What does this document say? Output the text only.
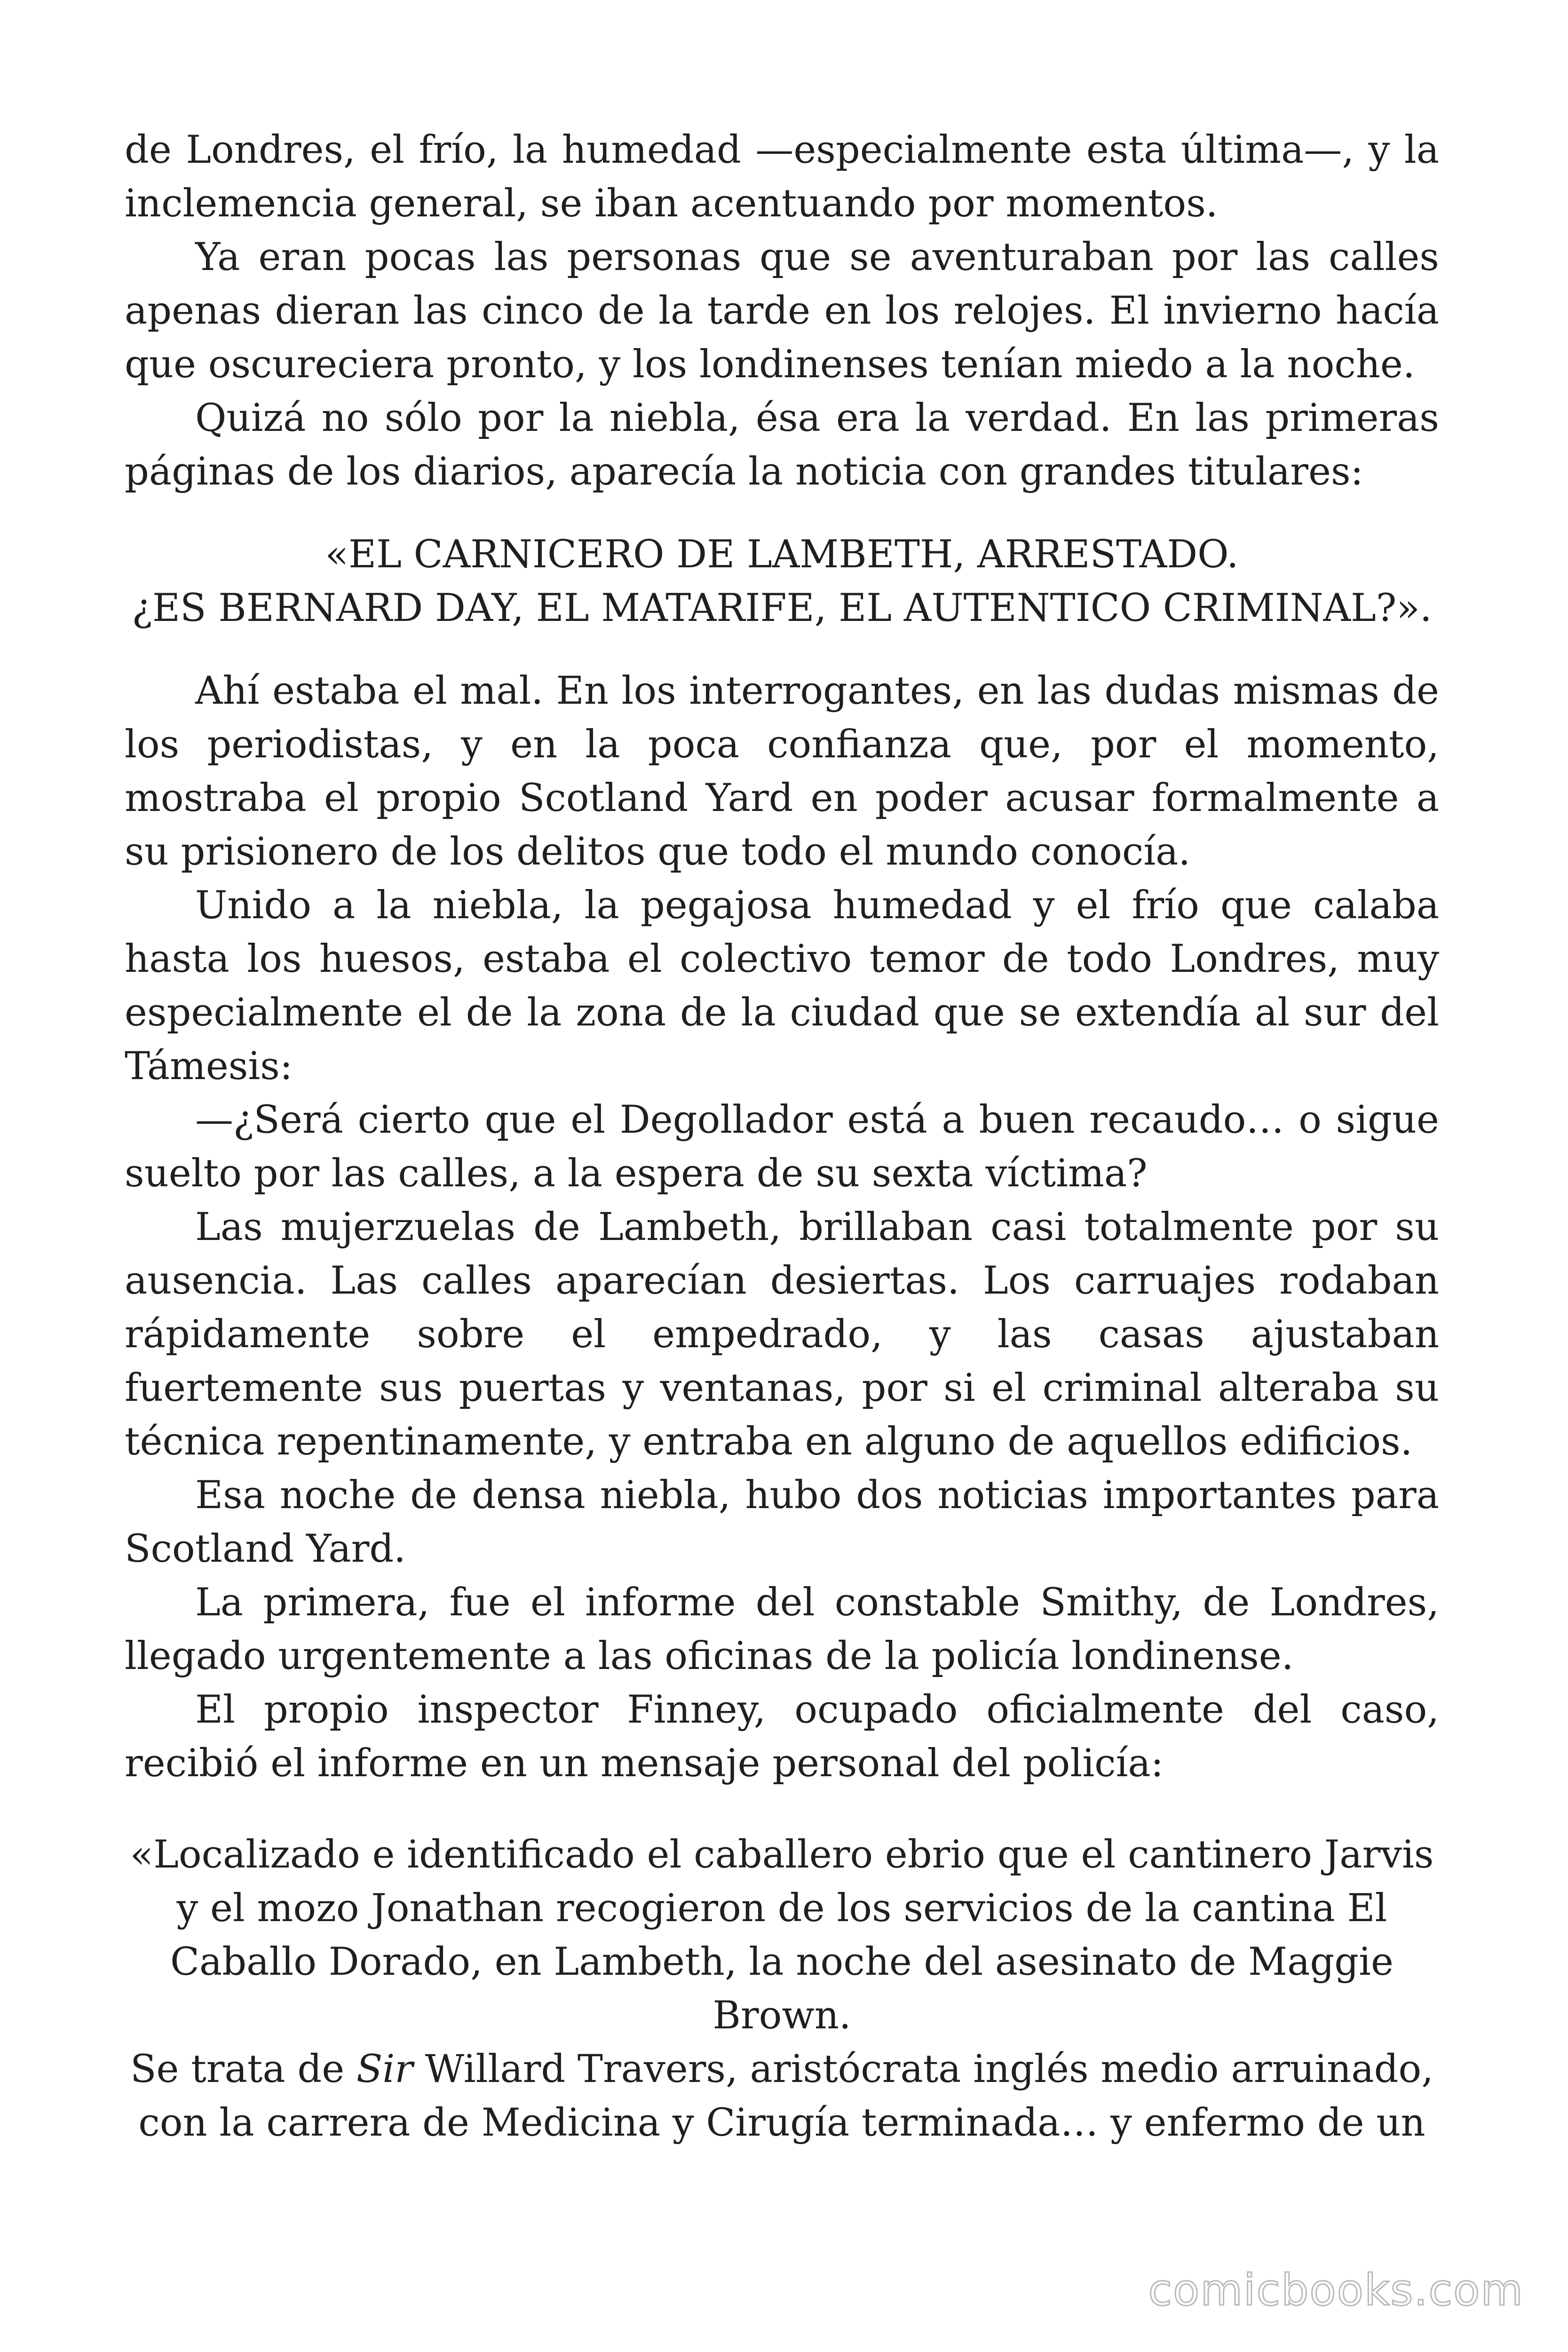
de Londres, el frío, la humedad —especialmente esta última—, y la inclemencia general, se iban acentuando por momentos.

Ya eran pocas las personas que se aventuraban por las calles apenas dieran las cinco de la tarde en los relojes. El invierno hacía que oscureciera pronto, y los londinenses tenían miedo a la noche.

Quizá no sólo por la niebla, ésa era la verdad. En las primeras páginas de los diarios, aparecía la noticia con grandes titulares:

«EL CARNICERO DE LAMBETH, ARRESTADO.

¿ES BERNARD DAY, EL MATARIFE, EL AUTENTICO CRIMINAL?».

Ahí estaba el mal. En los interrogantes, en las dudas mismas de los periodistas, y en la poca confianza que, por el momento, mostraba el propio Scotland Yard en poder acusar formalmente a su prisionero de los delitos que todo el mundo conocía.

Unido a la niebla, la pegajosa humedad y el frío que calaba hasta los huesos, estaba el colectivo temor de todo Londres, muy especialmente el de la zona de la ciudad que se extendía al sur del Támesis:

—¿Será cierto que el Degollador está a buen recaudo… o sigue suelto por las calles, a la espera de su sexta víctima?

Las mujerzuelas de Lambeth, brillaban casi totalmente por su ausencia. Las calles aparecían desiertas. Los carruajes rodaban rápidamente sobre el empedrado, y las casas ajustaban fuertemente sus puertas y ventanas, por si el criminal alteraba su técnica repentinamente, y entraba en alguno de aquellos edificios.

Esa noche de densa niebla, hubo dos noticias importantes para Scotland Yard.

La primera, fue el informe del constable Smithy, de Londres, llegado urgentemente a las oficinas de la policía londinense.

El propio inspector Finney, ocupado oficialmente del caso, recibió el informe en un mensaje personal del policía:

«Localizado e identificado el caballero ebrio que el cantinero Jarvis

y el mozo Jonathan recogieron de los servicios de la cantina El

Caballo Dorado, en Lambeth, la noche del asesinato de Maggie

Brown.

Se trata de Sir Willard Travers, aristócrata inglés medio arruinado,

con la carrera de Medicina y Cirugía terminada… y enfermo de un

comicbooks.com
